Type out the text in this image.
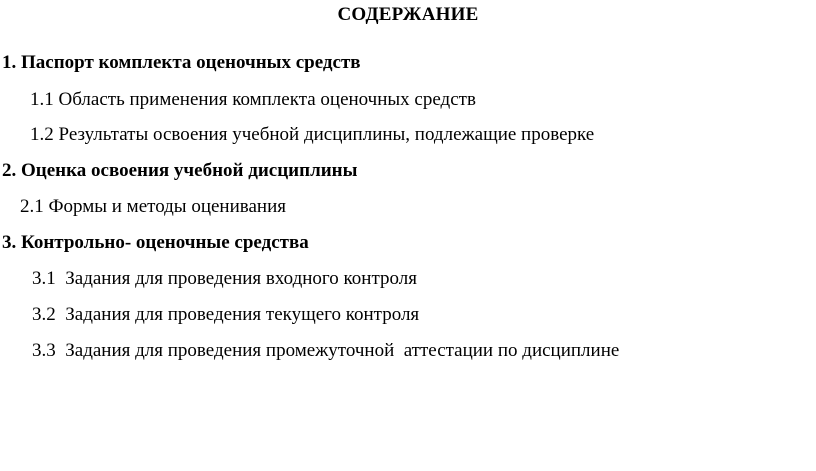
СОДЕРЖАНИЕ
1. Паспорт комплекта оценочных средств
1.1 Область применения комплекта оценочных средств
1.2 Результаты освоения учебной дисциплины, подлежащие проверке
2. Оценка освоения учебной дисциплины
2.1 Формы и методы оценивания
3. Контрольно- оценочные средства
3.1  Задания для проведения входного контроля
3.2  Задания для проведения текущего контроля
3.3  Задания для проведения промежуточной  аттестации по дисциплине
